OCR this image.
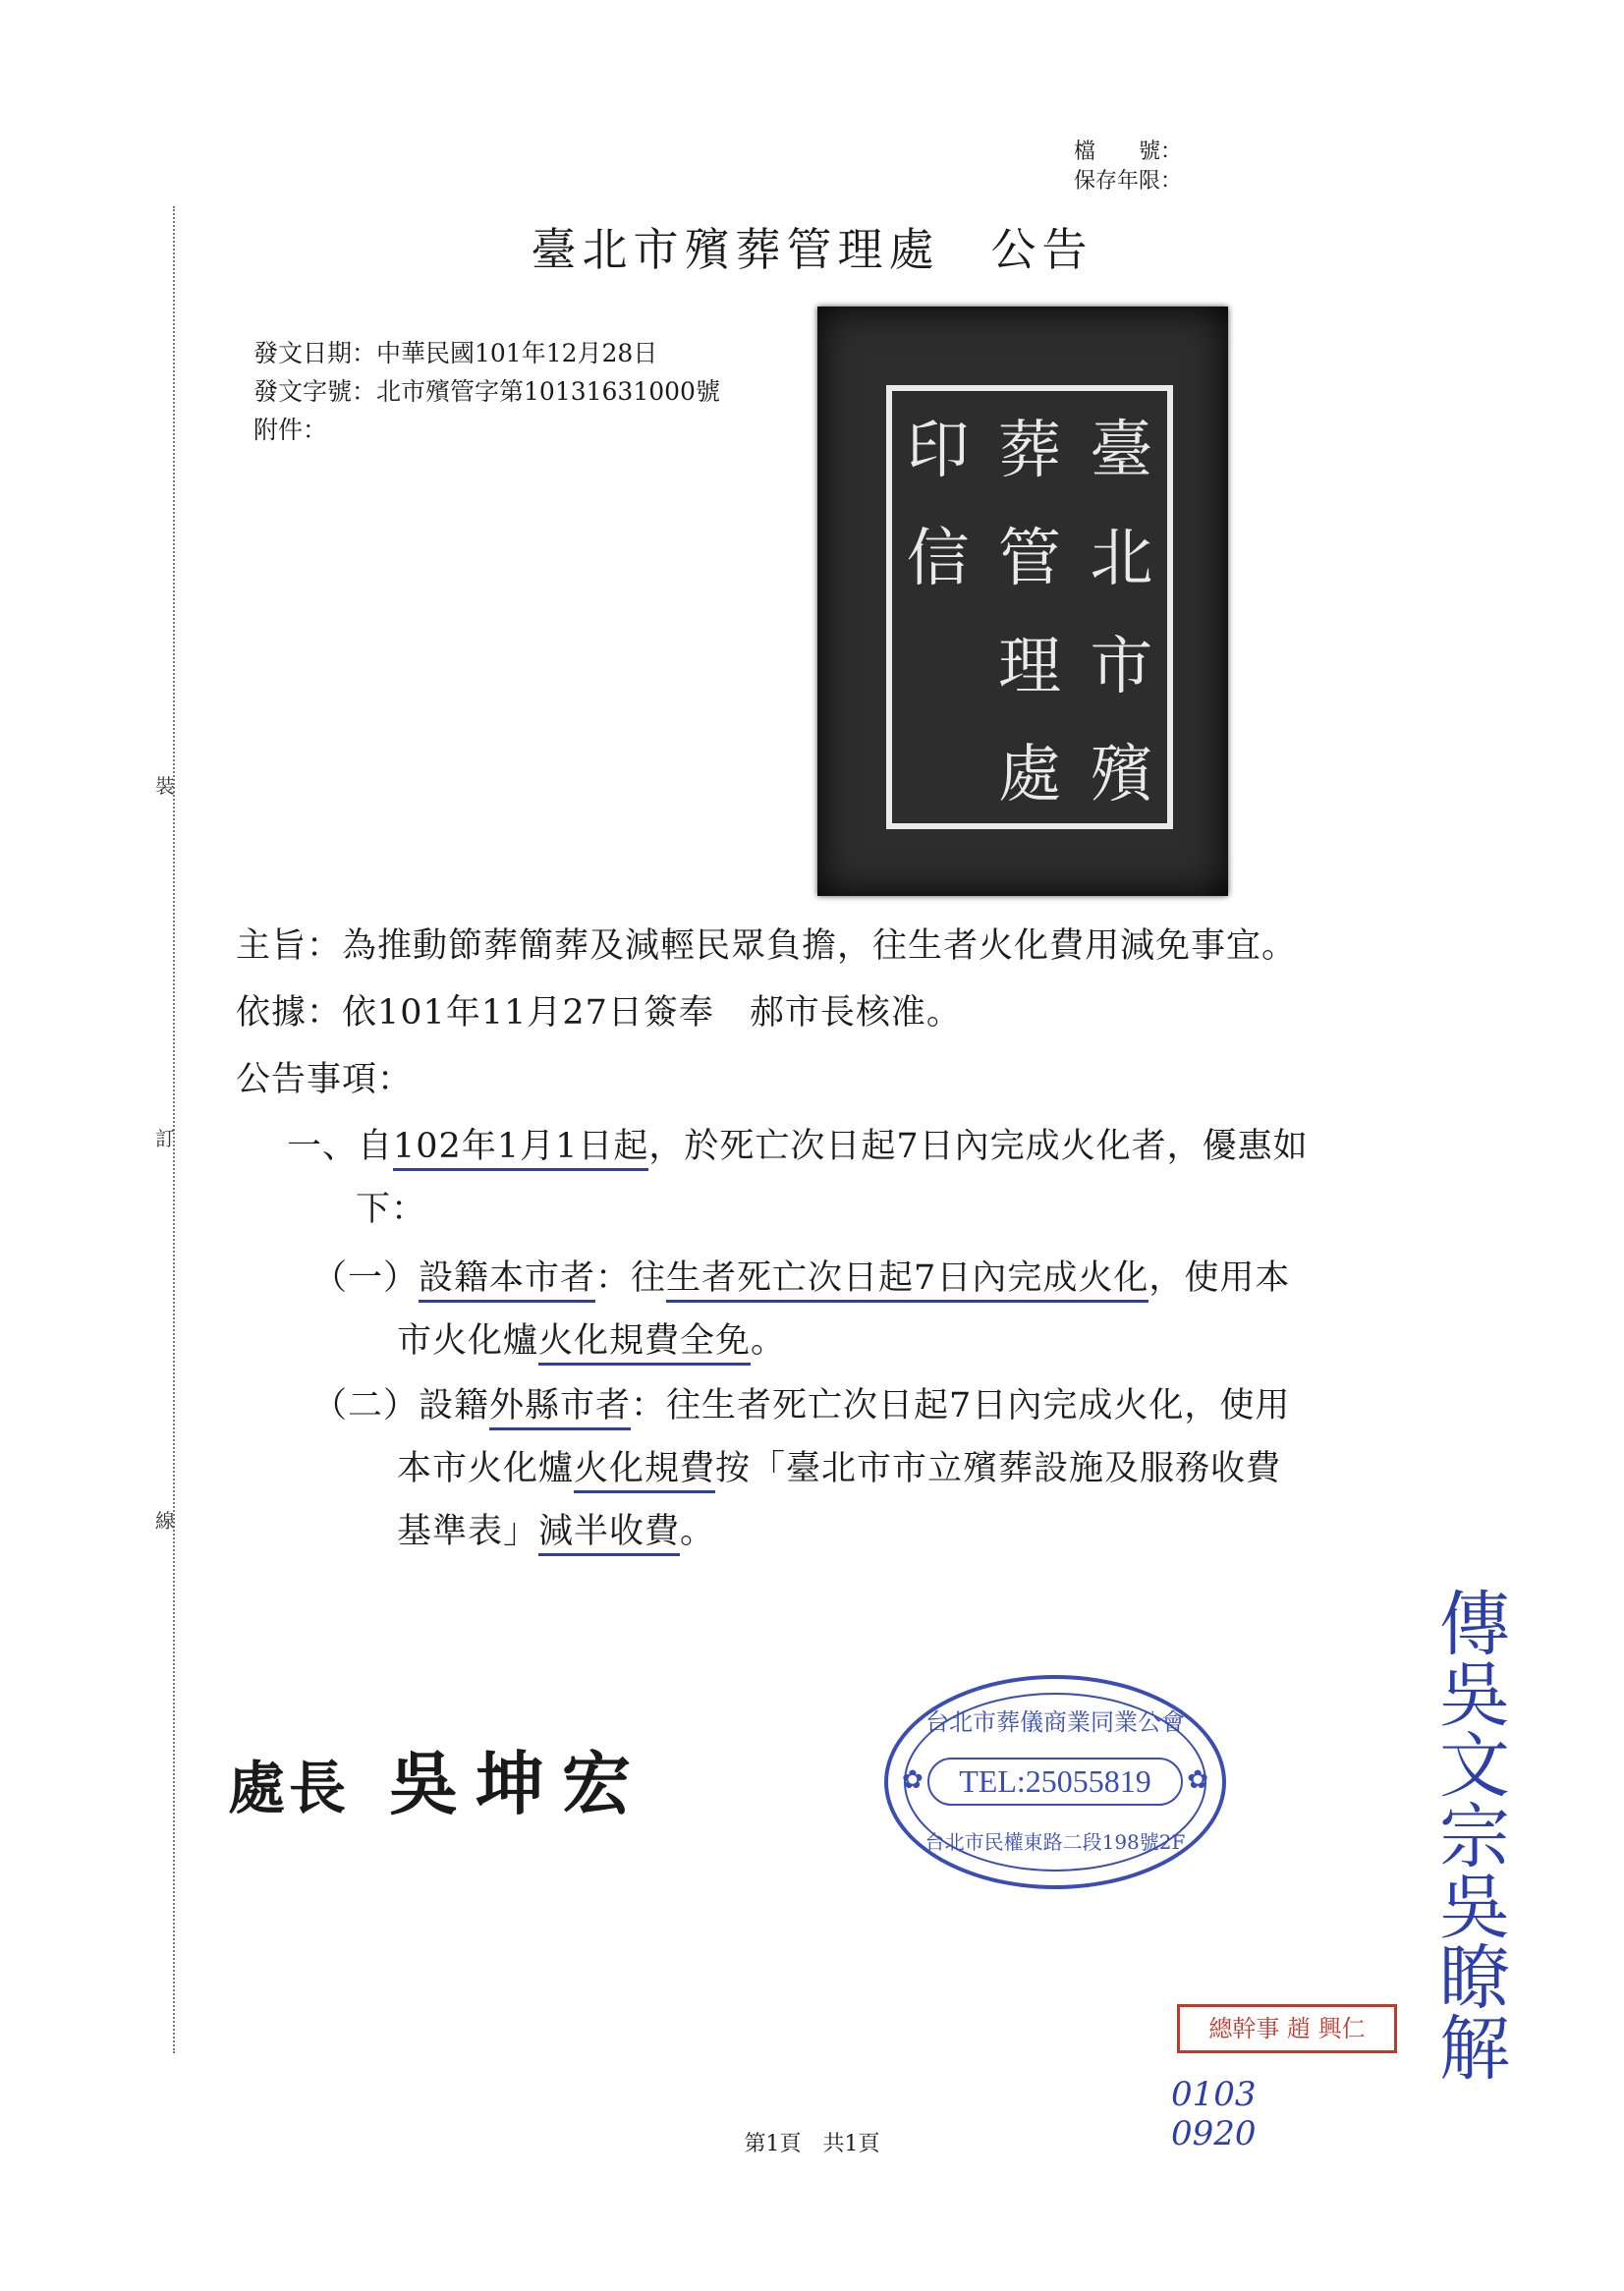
裝
訂
線
檔　　號：
保存年限：
臺北市殯葬管理處　公告
發文日期：中華民國101年12月28日
發文字號：北市殯管字第10131631000號
附件：	臺
北
市
殯
葬
管
理
處
印
信
主旨：為推動節葬簡葬及減輕民眾負擔，往生者火化費用減免事宜。
依據：依101年11月27日簽奉　郝市長核准。
公告事項：
一、自102年1月1日起，於死亡次日起7日內完成火化者，優惠如
下：
（一）設籍本市者：往生者死亡次日起7日內完成火化，使用本
市火化爐火化規費全免。
（二）設籍外縣市者：往生者死亡次日起7日內完成火化，使用
本市火化爐火化規費按「臺北市市立殯葬設施及服務收費
基準表」減半收費。
處長 吳坤宏
台北市葬儀商業同業公會
✿	TEL:25055819	✿
台北市民權東路二段198號2F
總幹事 趙 興仁 傳吳文宗吳瞭解
0103
0920
第1頁　共1頁
